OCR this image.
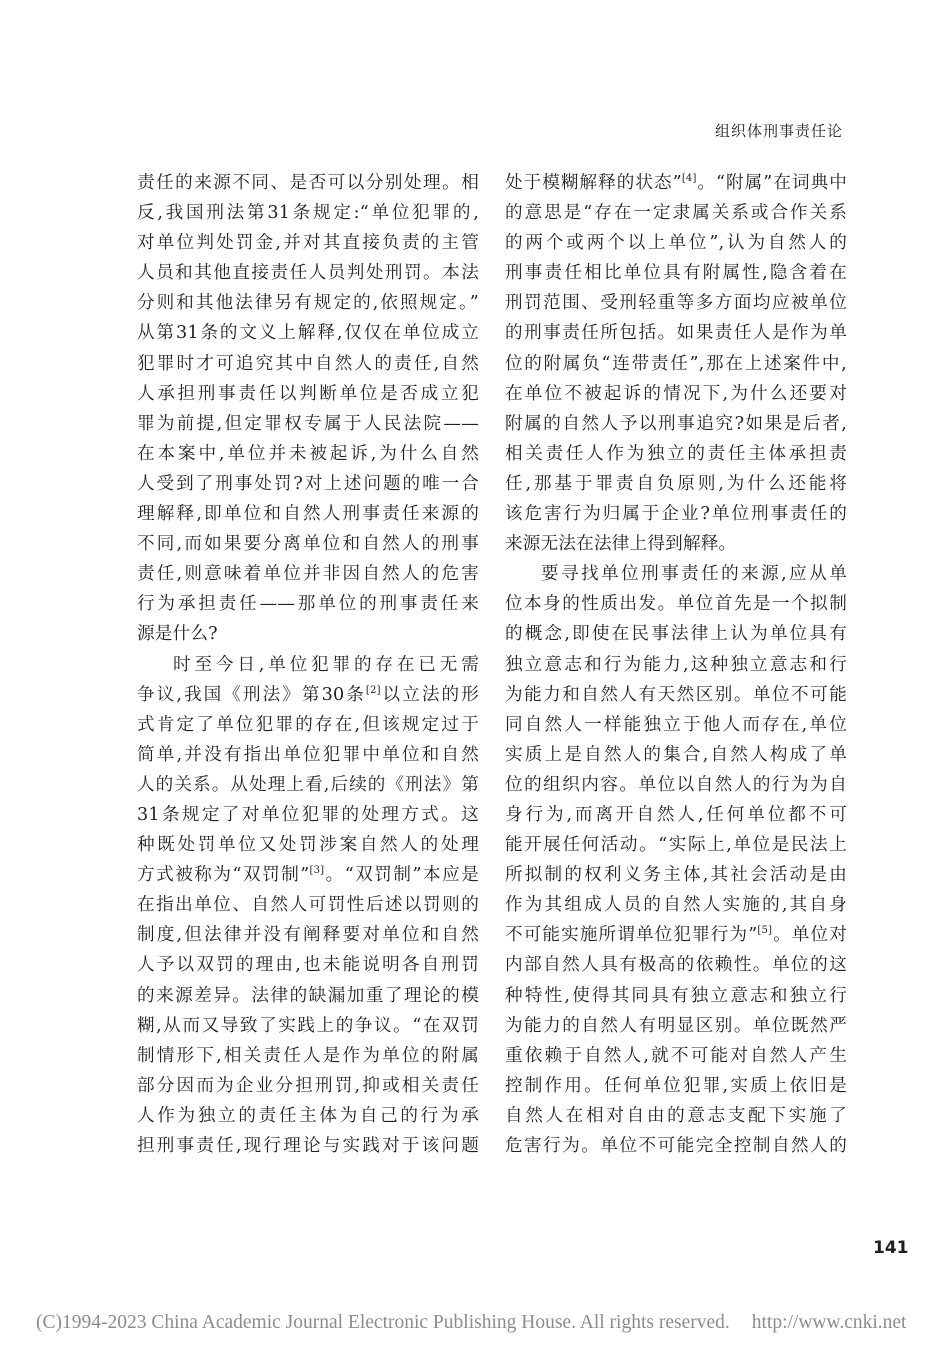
组织体刑事责任论
责任的来源不同、是否可以分别处理。相
反,我国刑法第31条规定:“单位犯罪的,
对单位判处罚金,并对其直接负责的主管
人员和其他直接责任人员判处刑罚。本法
分则和其他法律另有规定的,依照规定。”
从第31条的文义上解释,仅仅在单位成立
犯罪时才可追究其中自然人的责任,自然
人承担刑事责任以判断单位是否成立犯
罪为前提,但定罪权专属于人民法院——
在本案中,单位并未被起诉,为什么自然
人受到了刑事处罚?对上述问题的唯一合
理解释,即单位和自然人刑事责任来源的
不同,而如果要分离单位和自然人的刑事
责任,则意味着单位并非因自然人的危害
行为承担责任——那单位的刑事责任来
源是什么?
时至今日,单位犯罪的存在已无需
争议,我国《刑法》第30条[2]以立法的形
式肯定了单位犯罪的存在,但该规定过于
简单,并没有指出单位犯罪中单位和自然
人的关系。从处理上看,后续的《刑法》第
31条规定了对单位犯罪的处理方式。这
种既处罚单位又处罚涉案自然人的处理
方式被称为“双罚制”[3]。“双罚制”本应是
在指出单位、自然人可罚性后述以罚则的
制度,但法律并没有阐释要对单位和自然
人予以双罚的理由,也未能说明各自刑罚
的来源差异。法律的缺漏加重了理论的模
糊,从而又导致了实践上的争议。“在双罚
制情形下,相关责任人是作为单位的附属
部分因而为企业分担刑罚,抑或相关责任
人作为独立的责任主体为自己的行为承
担刑事责任,现行理论与实践对于该问题
处于模糊解释的状态”[4]。“附属”在词典中
的意思是“存在一定隶属关系或合作关系
的两个或两个以上单位”,认为自然人的
刑事责任相比单位具有附属性,隐含着在
刑罚范围、受刑轻重等多方面均应被单位
的刑事责任所包括。如果责任人是作为单
位的附属负“连带责任”,那在上述案件中,
在单位不被起诉的情况下,为什么还要对
附属的自然人予以刑事追究?如果是后者,
相关责任人作为独立的责任主体承担责
任,那基于罪责自负原则,为什么还能将
该危害行为归属于企业?单位刑事责任的
来源无法在法律上得到解释。
要寻找单位刑事责任的来源,应从单
位本身的性质出发。单位首先是一个拟制
的概念,即使在民事法律上认为单位具有
独立意志和行为能力,这种独立意志和行
为能力和自然人有天然区别。单位不可能
同自然人一样能独立于他人而存在,单位
实质上是自然人的集合,自然人构成了单
位的组织内容。单位以自然人的行为为自
身行为,而离开自然人,任何单位都不可
能开展任何活动。“实际上,单位是民法上
所拟制的权利义务主体,其社会活动是由
作为其组成人员的自然人实施的,其自身
不可能实施所谓单位犯罪行为”[5]。单位对
内部自然人具有极高的依赖性。单位的这
种特性,使得其同具有独立意志和独立行
为能力的自然人有明显区别。单位既然严
重依赖于自然人,就不可能对自然人产生
控制作用。任何单位犯罪,实质上依旧是
自然人在相对自由的意志支配下实施了
危害行为。单位不可能完全控制自然人的
141
(C)1994-2023 China Academic Journal Electronic Publishing House. All rights reserved. http://www.cnki.net
